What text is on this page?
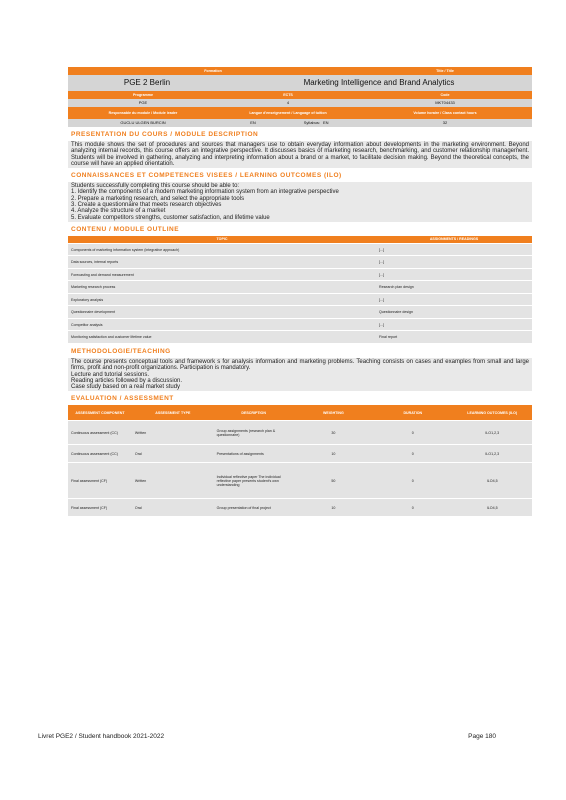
Formation	Title / Title
PGE 2 Berlin	Marketing Intelligence and Brand Analytics
Programme	ECTS	Code
PGE	4	MKT04433
Responsable du module / Module leader	Langue d'enseignement / Language of tuition	Volume horaire / Class contact hours
GUCLU ULGEN BURCIN	EN	Syllabus: EN	32
PRESENTATION DU COURS / MODULE DESCRIPTION
This module shows the set of procedures and sources that managers use to obtain everyday information about developments in the marketing environment. Beyond analyzing internal records, this course offers an integrative perspective. It discusses basics of marketing research, benchmarking, and customer relationship management. Students will be involved in gathering, analyzing and interpreting information about a brand or a market, to facilitate decision making. Beyond the theoretical concepts, the course will have an applied orientation.
CONNAISSANCES ET COMPETENCES VISEES / LEARNING OUTCOMES (ILO)

Students successfully completing this course should be able to:

1. Identify the components of a modern marketing information system from an integrative perspective

2. Prepare a marketing research, and select the appropriate tools

3. Create a questionnaire that meets research objectives

4. Analyze the structure of a market

5. Evaluate competitors strengths, customer satisfaction, and lifetime value

CONTENU / MODULE OUTLINE
TOPIC	ASSIGNMENTS / READINGS
Components of marketing information system (integrative approach)	[...]
Data sources, internal reports	[...]
Forecasting and demand measurement	[...]
Marketing research process	Research plan design
Exploratory analysis	[...]
Questionnaire development	Questionnaire design
Competitor analysis	[...]
Monitoring satisfaction and customer lifetime value	Final report
METHODOLOGIE/TEACHING

The course presents conceptual tools and framework s for analysis information and marketing problems. Teaching consists on cases and examples from small and large firms, profit and non-profit organizations. Participation is mandatory.

Lecture and tutorial sessions.

Reading articles followed by a discussion.

Case study based on a real market study

EVALUATION / ASSESSMENT
ASSESSMENT COMPONENT	ASSESSMENT TYPE	DESCRIPTION	WEIGHTING	DURATION	LEARNING OUTCOMES (ILO)
Continuous assessment (CC)	Written	Group assignments (research plan & questionnaire)	30	0	ILO1,2,3
Continuous assessment (CC)	Oral	Presentations of assignments	10	0	ILO1,2,3
Final assessment (CF)	Written	Individual reflective paper The individual reflective paper presents student's own understanding	50	0	ILO4,5
Final assessment (CF)	Oral	Group presentation of final project	10	0	ILO4,5
Livret PGE2 / Student handbook 2021-2022	Page 180
